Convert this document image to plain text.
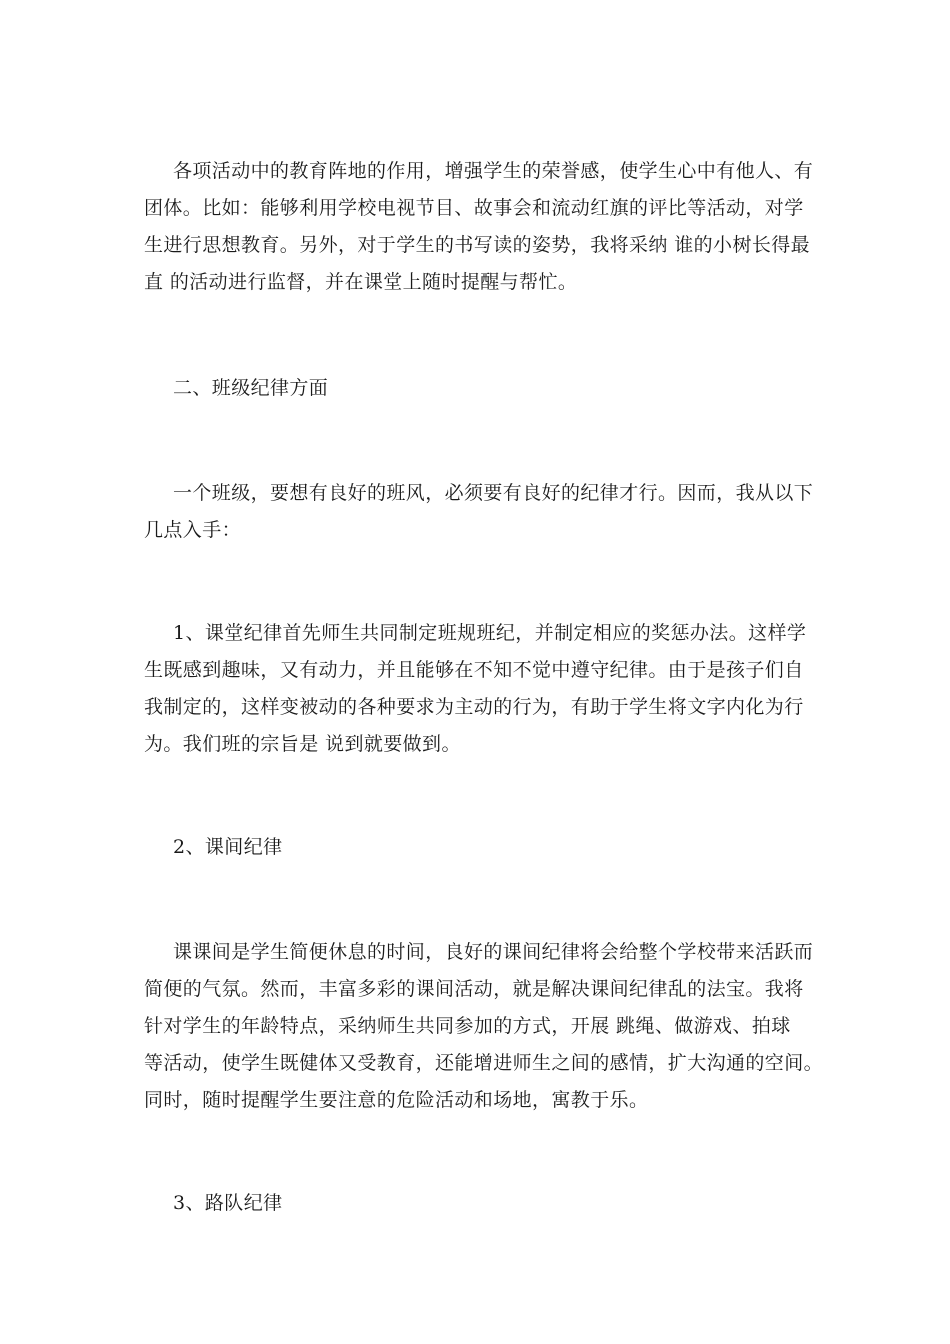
各项活动中的教育阵地的作用，增强学生的荣誉感，使学生心中有他人、有
团体。比如：能够利用学校电视节目、故事会和流动红旗的评比等活动，对学
生进行思想教育。另外，对于学生的书写读的姿势，我将采纳 谁的小树长得最
直 的活动进行监督，并在课堂上随时提醒与帮忙。
二、班级纪律方面
一个班级，要想有良好的班风，必须要有良好的纪律才行。因而，我从以下
几点入手：
1、课堂纪律首先师生共同制定班规班纪，并制定相应的奖惩办法。这样学
生既感到趣味，又有动力，并且能够在不知不觉中遵守纪律。由于是孩子们自
我制定的，这样变被动的各种要求为主动的行为，有助于学生将文字内化为行
为。我们班的宗旨是 说到就要做到。
2、课间纪律
课课间是学生简便休息的时间，良好的课间纪律将会给整个学校带来活跃而
简便的气氛。然而，丰富多彩的课间活动，就是解决课间纪律乱的法宝。我将
针对学生的年龄特点，采纳师生共同参加的方式，开展 跳绳、做游戏、拍球
等活动，使学生既健体又受教育，还能增进师生之间的感情，扩大沟通的空间。
同时，随时提醒学生要注意的危险活动和场地，寓教于乐。
3、路队纪律
